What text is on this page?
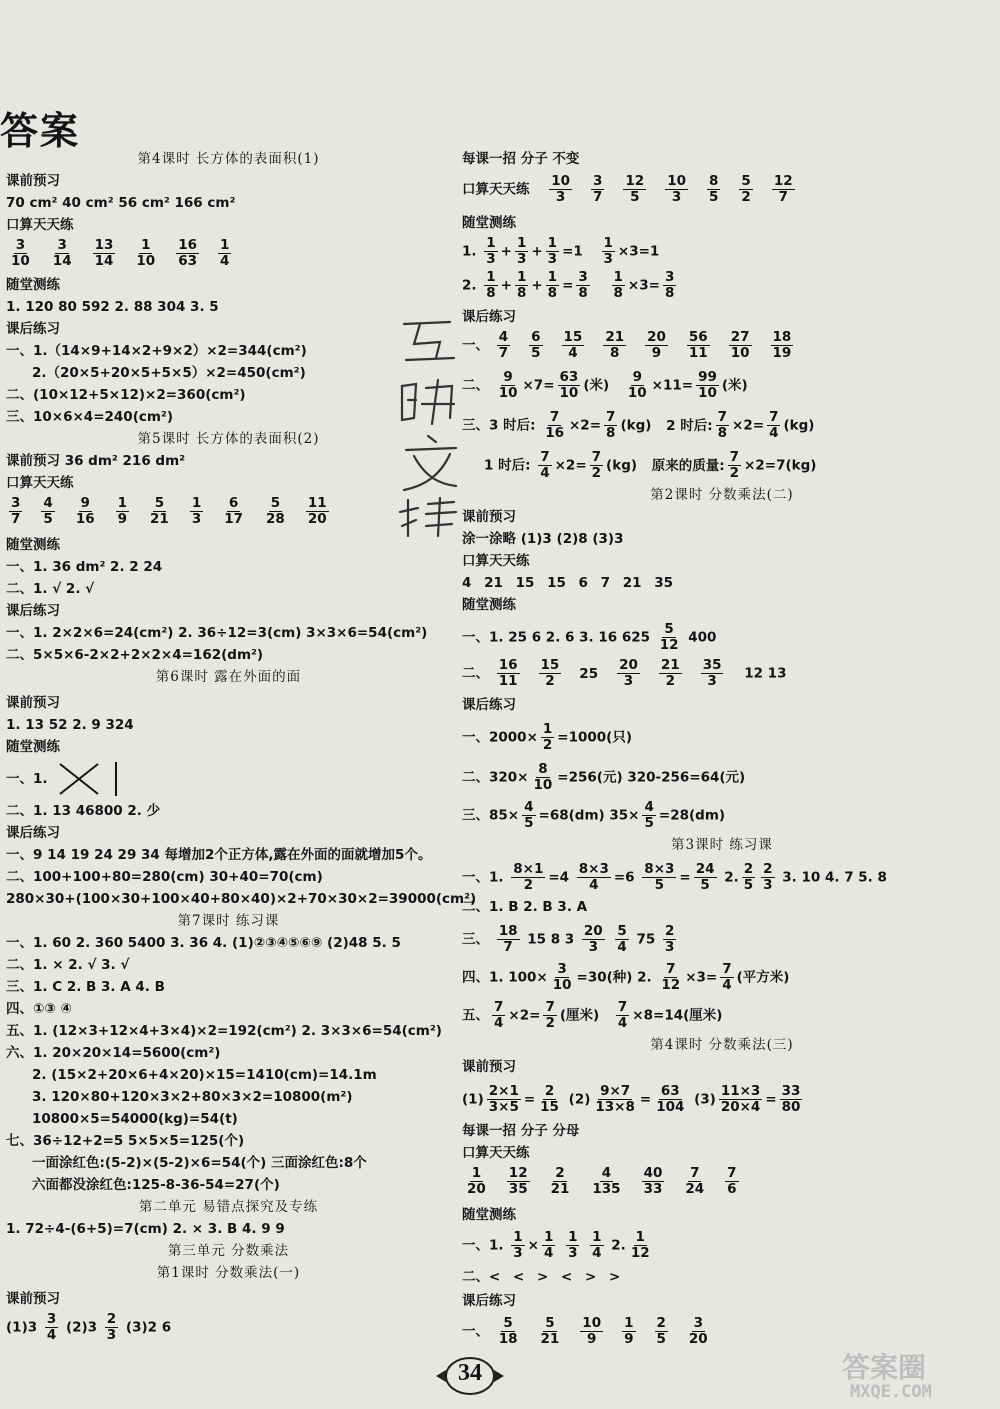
答案
第4课时 长方体的表面积(1)
课前预习
70 cm² 40 cm² 56 cm² 166 cm²
口算天天练
$\frac{3}{10} \frac{3}{14} \frac{13}{14} \frac{1}{10} \frac{16}{63} \frac{1}{4}$
随堂测练
1. 120 80 592 2. 88 304 3. 5
课后练习
一、1.（14×9+14×2+9×2）×2=344(cm²)
2.（20×5+20×5+5×5）×2=450(cm²)
二、(10×12+5×12)×2=360(cm²)
三、10×6×4=240(cm²)
第5课时 长方体的表面积(2)
课前预习 36 dm² 216 dm²
口算天天练
$\frac{3}{7} \frac{4}{5} \frac{9}{16} \frac{1}{9} \frac{5}{21} \frac{1}{3} \frac{6}{17} \frac{5}{28} \frac{11}{20}$
随堂测练
一、1. 36 dm² 2. 2 24
二、1. √ 2. √
课后练习
一、1. 2×2×6=24(cm²) 2. 36÷12=3(cm) 3×3×6=54(cm²)
二、5×5×6-2×2+2×2×4=162(dm²)
第6课时 露在外面的面
课前预习
1. 13 52 2. 9 324
随堂测练
一、1.
二、1. 13 46800 2. 少
课后练习
一、9 14 19 24 29 34 每增加2个正方体,露在外面的面就增加5个。
二、100+100+80=280(cm) 30+40=70(cm)
280×30+(100×30+100×40+80×40)×2+70×30×2=39000(cm²)
第7课时 练习课
一、1. 60 2. 360 5400 3. 36 4. (1)②③④⑤⑥⑨ (2)48 5. 5
二、1. × 2. √ 3. √
三、1. C 2. B 3. A 4. B
四、①③ ④
五、1. (12×3+12×4+3×4)×2=192(cm²) 2. 3×3×6=54(cm²)
六、1. 20×20×14=5600(cm²)
2. (15×2+20×6+4×20)×15=1410(cm)=14.1m
3. 120×80+120×3×2+80×3×2=10800(m²)
10800×5=54000(kg)=54(t)
七、36÷12+2=5 5×5×5=125(个)
一面涂红色:(5-2)×(5-2)×6=54(个) 三面涂红色:8个
六面都没涂红色:125-8-36-54=27(个)
第二单元 易错点探究及专练
1. 72÷4-(6+5)=7(cm) 2. × 3. B 4. 9 9
第三单元 分数乘法
第1课时 分数乘法(一)
课前预习
$(1)3 \frac{3}{4} (2)3 \frac{2}{3} (3)2$ 6
每课一招 分子 不变
口算天天练 $\frac{10}{3} \frac{3}{7} \frac{12}{5} \frac{10}{3} \frac{8}{5} \frac{5}{2} \frac{12}{7}$
随堂测练
1. $\frac{1}{3} + \frac{1}{3} + \frac{1}{3} =1 \frac{1}{3} \times 3=1$
2. $\frac{1}{8} + \frac{1}{8} + \frac{1}{8} = \frac{3}{8}$
$\frac{1}{8} \times 3= \frac{3}{8}$
课后练习
一、 $\frac{4}{7} \frac{6}{5} \frac{15}{4} \frac{21}{8} \frac{20}{9} \frac{56}{11} \frac{27}{10} \frac{18}{19}$
二、 $\frac{9}{10} \times 7= \frac{63}{10}$ (米) $\frac{9}{10} \times 11= \frac{99}{10}$ (米)
三、3 时后: $\frac{7}{16} \times 2= \frac{7}{8} (kg)$ 2 时后: $\frac{7}{8} \times 2= \frac{7}{4} (kg)$
1 时后: $\frac{7}{4} \times 2= \frac{7}{2} (kg)$ 原来的质量: $\frac{7}{2} \times 2=7(kg)$
第2课时 分数乘法(二)
课前预习
涂一涂略 (1)3 (2)8 (3)3
口算天天练
4 21 15 15 6 7 21 35
随堂测练
一、1. 25 6 2. 6 3. 16 $625 \frac{5}{12} 400$
二、 $\frac{16}{11} \frac{15}{2} 25 \frac{20}{3} \frac{21}{2} \frac{35}{3} 12$ 13
课后练习
一、$2000\times \frac{1}{2} =1000$(只)
二、$320\times \frac{8}{10} =256$(元) 320-256=64(元)
三、$85\times \frac{4}{5} =68(dm)$ $35\times \frac{4}{5} =28(dm)$
第3课时 练习课
一、1. $\frac{8\times 1}{2} =4 \frac{8\times 3}{4} =6 \frac{8\times 3}{5} = \frac{24}{5} 2$. $\frac{2}{5} \frac{2}{3} 3$. 10 4. 7 5. 8
二、1. B 2. B 3. A
三、 $\frac{18}{7} 15$ 8 $3 \frac{20}{3}$
$\frac{5}{4} 75 \frac{2}{3}$
四、1. $100\times \frac{3}{10} =30$(种) 2. $\frac{7}{12} \times 3= \frac{7}{4}$ (平方米)
五、 $\frac{7}{4} \times 2= \frac{7}{2}$ (厘米) $\frac{7}{4} \times 8=14$(厘米)
第4课时 分数乘法(三)
课前预习
$(1) \frac{2\times 1}{3\times 5} = \frac{2}{15} (2) \frac{9\times 7}{13\times 8} = \frac{63}{104} (3) \frac{11\times 3}{20\times 4} = \frac{33}{80}$
每课一招 分子 分母
口算天天练
$\frac{1}{20} \frac{12}{35} \frac{2}{21} \frac{4}{135} \frac{40}{33} \frac{7}{24} \frac{7}{6}$
随堂测练
一、1. $\frac{1}{3} \times \frac{1}{4}$
$\frac{1}{3}$
$\frac{1}{4} 2$. $\frac{1}{12}$
二、< < > < > >
课后练习
一、 $\frac{5}{18} \frac{5}{21} \frac{10}{9} \frac{1}{9} \frac{2}{5} \frac{3}{20}$
34	答案圈
MXQE.COM
